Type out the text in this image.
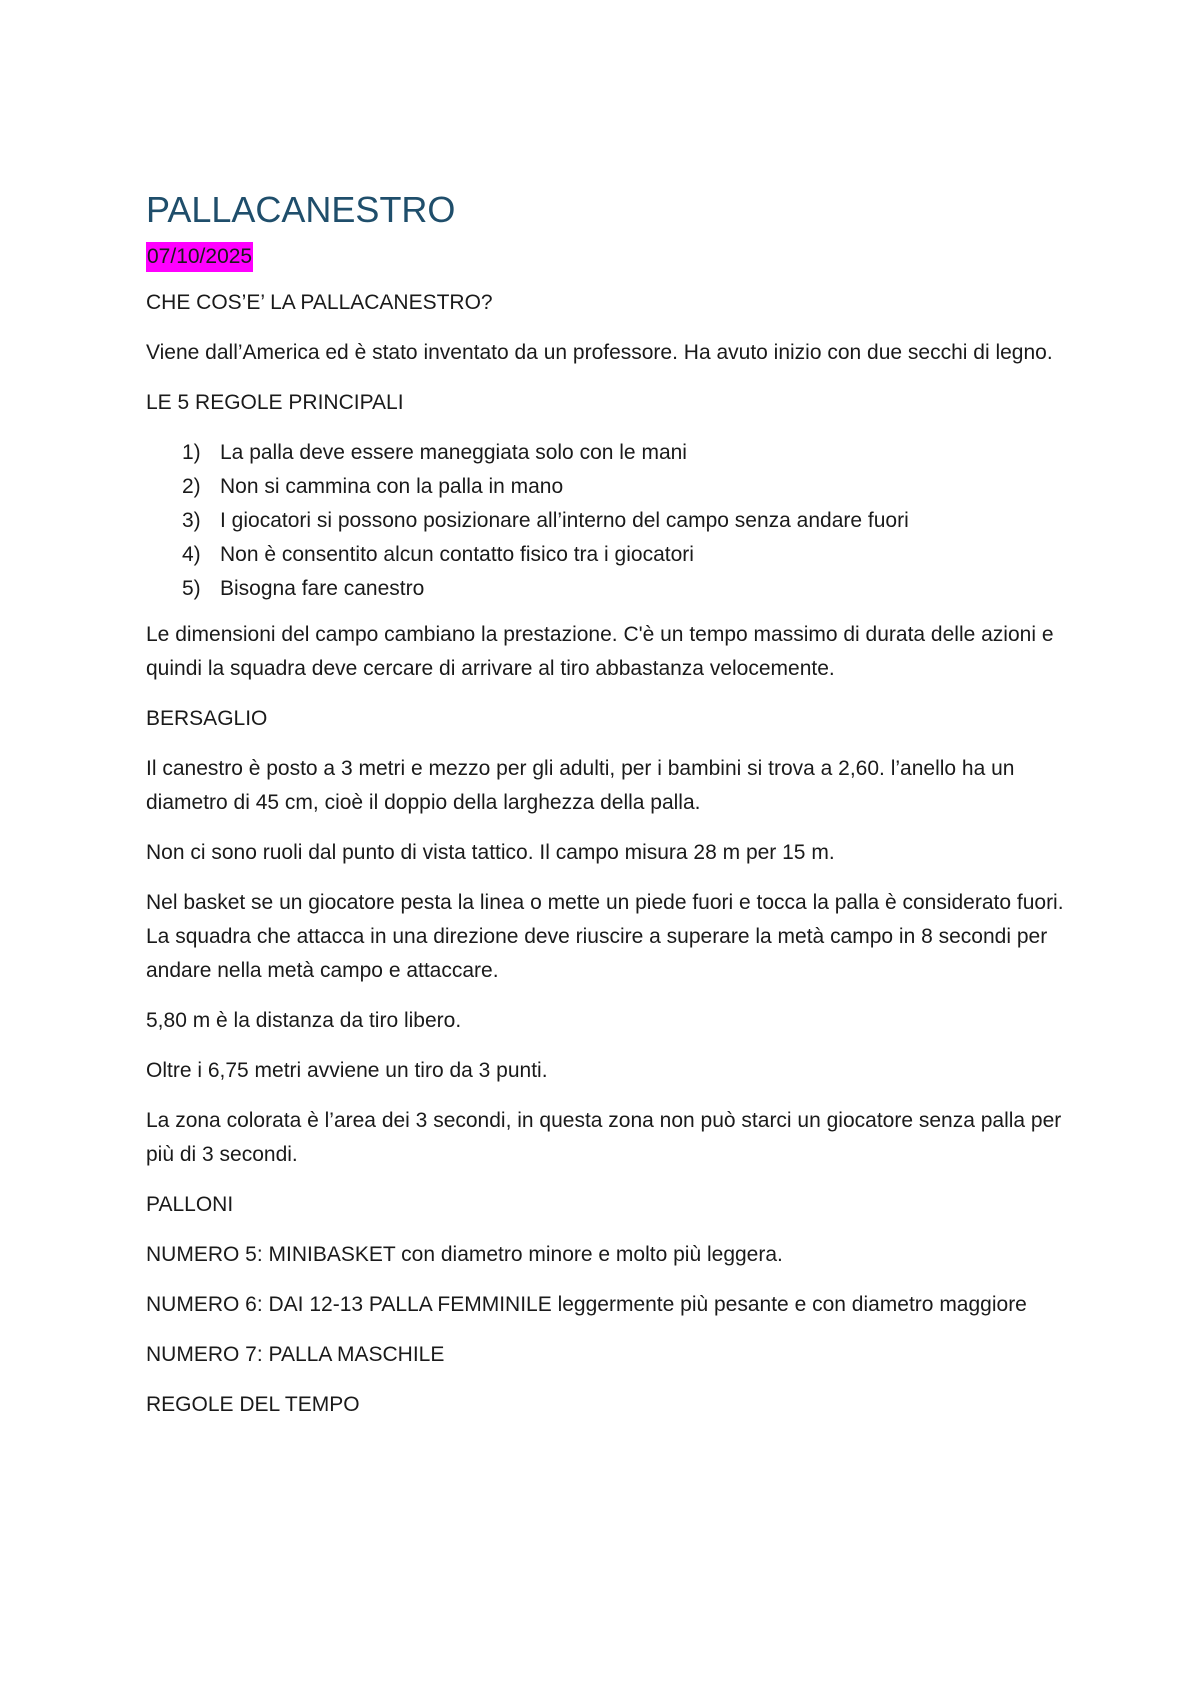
PALLACANESTRO
07/10/2025

CHE COS’E’ LA PALLACANESTRO?

Viene dall’America ed è stato inventato da un professore. Ha avuto inizio con due secchi di legno.

LE 5 REGOLE PRINCIPALI

1) La palla deve essere maneggiata solo con le mani
2) Non si cammina con la palla in mano
3) I giocatori si possono posizionare all’interno del campo senza andare fuori
4) Non è consentito alcun contatto fisico tra i giocatori
5) Bisogna fare canestro

Le dimensioni del campo cambiano la prestazione. C'è un tempo massimo di durata delle azioni e quindi la squadra deve cercare di arrivare al tiro abbastanza velocemente.

BERSAGLIO

Il canestro è posto a 3 metri e mezzo per gli adulti, per i bambini si trova a 2,60. l’anello ha un diametro di 45 cm, cioè il doppio della larghezza della palla.

Non ci sono ruoli dal punto di vista tattico. Il campo misura 28 m per 15 m.

Nel basket se un giocatore pesta la linea o mette un piede fuori e tocca la palla è considerato fuori. La squadra che attacca in una direzione deve riuscire a superare la metà campo in 8 secondi per andare nella metà campo e attaccare.

5,80 m è la distanza da tiro libero.

Oltre i 6,75 metri avviene un tiro da 3 punti.

La zona colorata è l’area dei 3 secondi, in questa zona non può starci un giocatore senza palla per più di 3 secondi.

PALLONI

NUMERO 5: MINIBASKET con diametro minore e molto più leggera.

NUMERO 6: DAI 12-13 PALLA FEMMINILE leggermente più pesante e con diametro maggiore

NUMERO 7: PALLA MASCHILE

REGOLE DEL TEMPO
